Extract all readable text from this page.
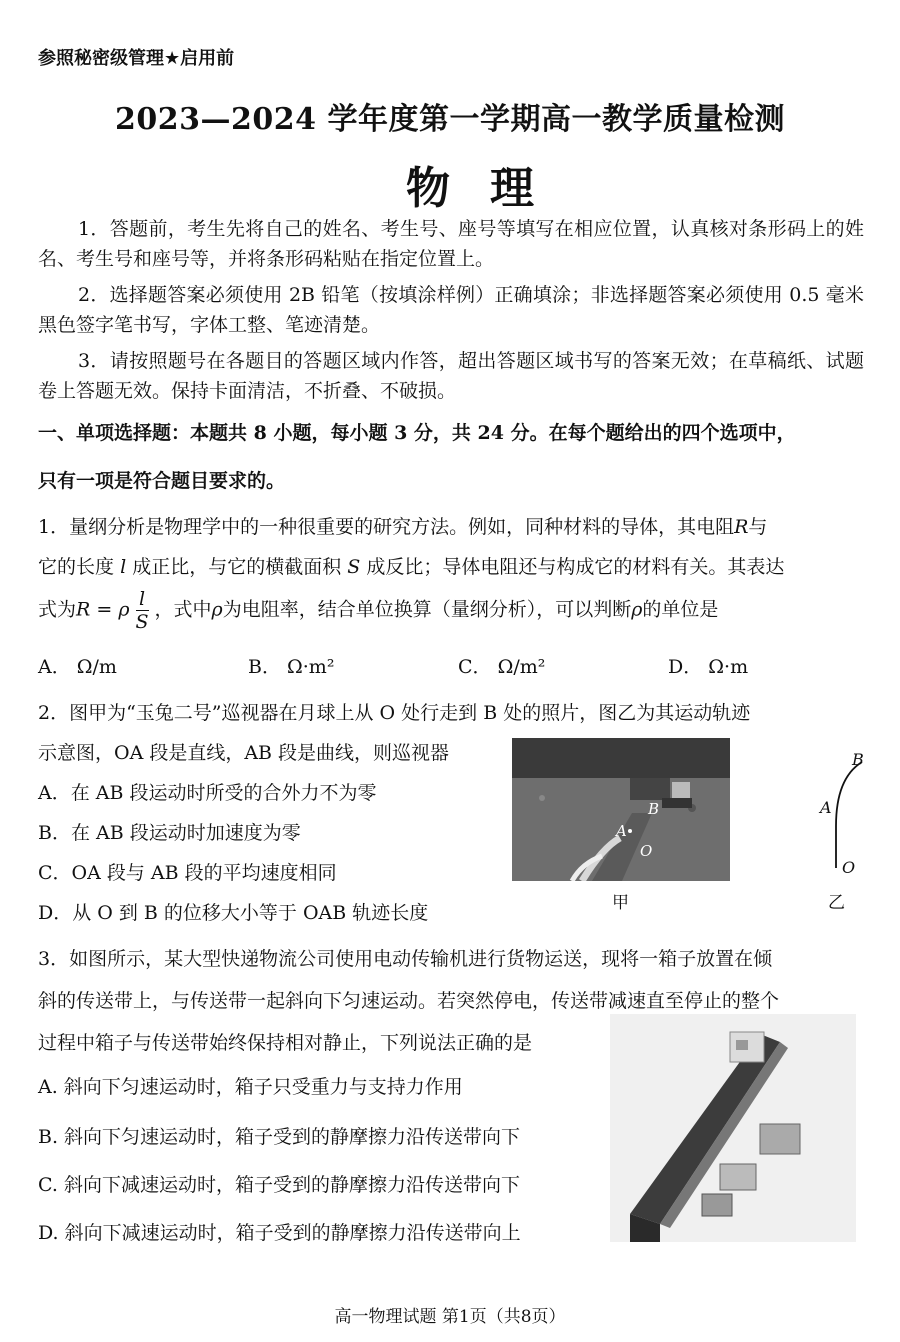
参照秘密级管理★启用前
2023—2024 学年度第一学期高一教学质量检测
物理
1．答题前，考生先将自己的姓名、考生号、座号等填写在相应位置，认真核对条形码上的姓名、考生号和座号等，并将条形码粘贴在指定位置上。
2．选择题答案必须使用 2B 铅笔（按填涂样例）正确填涂；非选择题答案必须使用 0.5 毫米黑色签字笔书写，字体工整、笔迹清楚。
3．请按照题号在各题目的答题区域内作答，超出答题区域书写的答案无效；在草稿纸、试题卷上答题无效。保持卡面清洁，不折叠、不破损。
一、单项选择题：本题共 8 小题，每小题 3 分，共 24 分。在每个题给出的四个选项中，
只有一项是符合题目要求的。
1．量纲分析是物理学中的一种很重要的研究方法。例如，同种材料的导体，其电阻R与
它的长度 l 成正比，与它的横截面积 S 成反比；导体电阻还与构成它的材料有关。其表达
式为R = ρ $\frac{l}{S}$ ，式中ρ为电阻率，结合单位换算（量纲分析），可以判断ρ的单位是
A． Ω/m	B． Ω·m²	C． Ω/m²	D． Ω·m
2．图甲为“玉兔二号”巡视器在月球上从 O 处行走到 B 处的照片，图乙为其运动轨迹
示意图，OA 段是直线，AB 段是曲线，则巡视器
A．在 AB 段运动时所受的合外力不为零
B．在 AB 段运动时加速度为零
C．OA 段与 AB 段的平均速度相同
D．从 O 到 B 的位移大小等于 OAB 轨迹长度
B
A
O
甲
B
A
O
乙
3．如图所示，某大型快递物流公司使用电动传输机进行货物运送，现将一箱子放置在倾
斜的传送带上，与传送带一起斜向下匀速运动。若突然停电，传送带减速直至停止的整个
过程中箱子与传送带始终保持相对静止，下列说法正确的是
A. 斜向下匀速运动时，箱子只受重力与支持力作用
B. 斜向下匀速运动时，箱子受到的静摩擦力沿传送带向下
C. 斜向下减速运动时，箱子受到的静摩擦力沿传送带向下
D. 斜向下减速运动时，箱子受到的静摩擦力沿传送带向上
高一物理试题 第1页（共8页）
